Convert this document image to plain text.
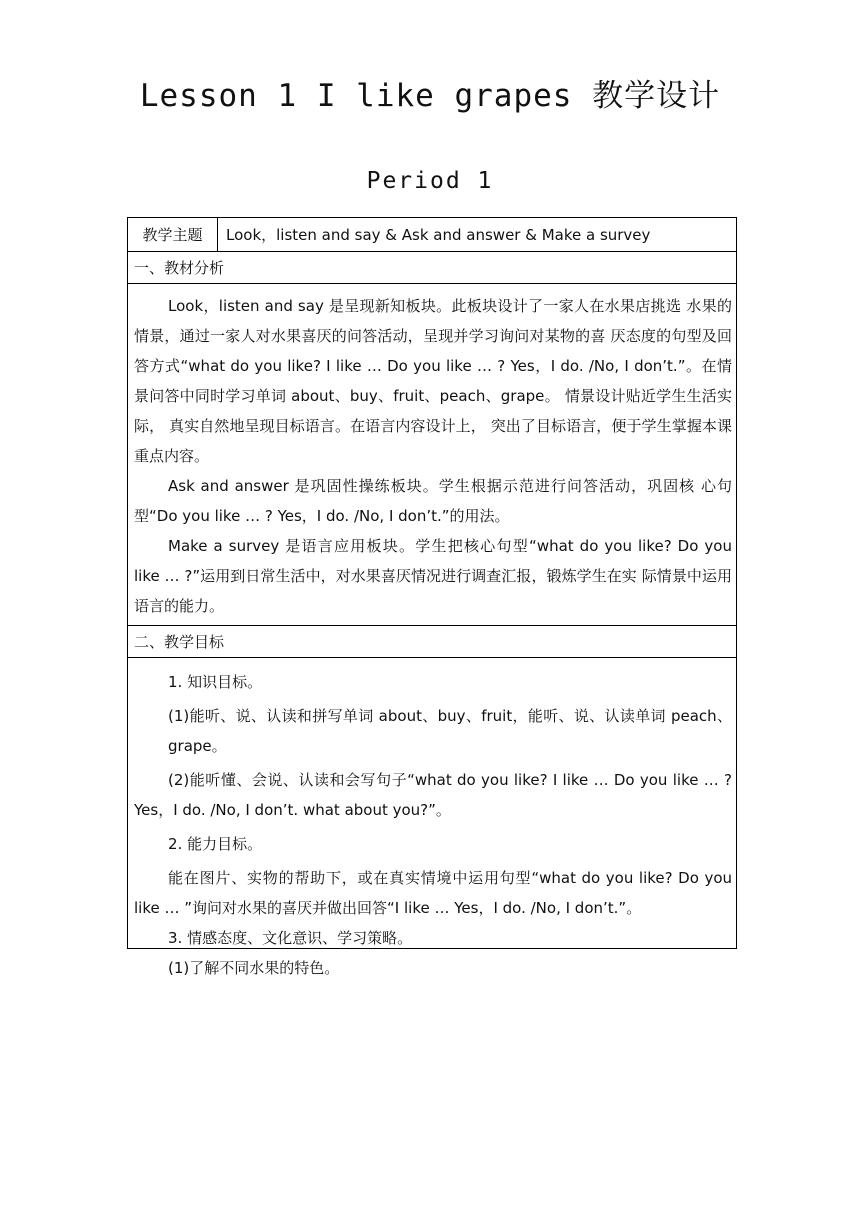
Lesson 1 I like grapes 教学设计
Period 1
教学主题	Look，listen and say & Ask and answer & Make a survey
一、教材分析

Look，listen and say 是呈现新知板块。此板块设计了一家人在水果店挑选 水果的情景，通过一家人对水果喜厌的问答活动，呈现并学习询问对某物的喜 厌态度的句型及回答方式“what do you like? I like … Do you like … ? Yes，I do. /No, I don’t.”。在情景问答中同时学习单词 about、buy、fruit、peach、grape。 情景设计贴近学生生活实际， 真实自然地呈现目标语言。在语言内容设计上， 突出了目标语言，便于学生掌握本课重点内容。

Ask and answer 是巩固性操练板块。学生根据示范进行问答活动，巩固核 心句型“Do you like … ? Yes，I do. /No, I don’t.”的用法。

Make a survey 是语言应用板块。学生把核心句型“what do you like? Do you like … ?”运用到日常生活中，对水果喜厌情况进行调查汇报，锻炼学生在实 际情景中运用语言的能力。

二、教学目标

1. 知识目标。

(1)能听、说、认读和拼写单词 about、buy、fruit，能听、说、认读单词 peach、grape。

(2)能听懂、会说、认读和会写句子“what do you like? I like … Do you like … ? Yes，I do. /No, I don’t. what about you?”。

2. 能力目标。

能在图片、实物的帮助下，或在真实情境中运用句型“what do you like? Do you like … ”询问对水果的喜厌并做出回答“I like … Yes，I do. /No, I don’t.”。

3. 情感态度、文化意识、学习策略。

(1)了解不同水果的特色。
